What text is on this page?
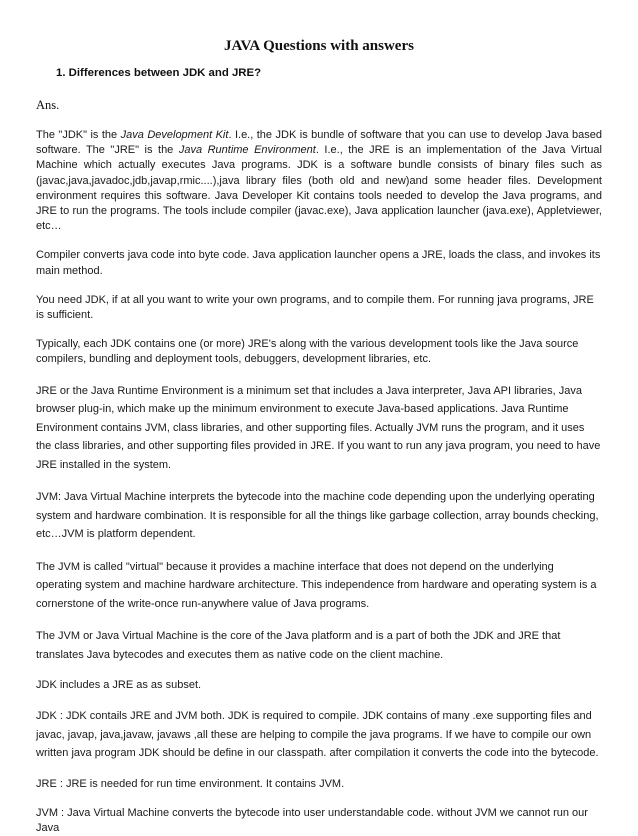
JAVA Questions with answers
1. Differences between JDK and JRE?
Ans.

The "JDK" is the Java Development Kit. I.e., the JDK is bundle of software that you can use to develop Java based software. The "JRE" is the Java Runtime Environment. I.e., the JRE is an implementation of the Java Virtual Machine which actually executes Java programs. JDK is a software bundle consists of binary files such as (javac,java,javadoc,jdb,javap,rmic....),java library files (both old and new)and some header files. Development environment requires this software. Java Developer Kit contains tools needed to develop the Java programs, and JRE to run the programs. The tools include compiler (javac.exe), Java application launcher (java.exe), Appletviewer, etc…

Compiler converts java code into byte code. Java application launcher opens a JRE, loads the class, and invokes its main method.

You need JDK, if at all you want to write your own programs, and to compile them. For running java programs, JRE is sufficient.

Typically, each JDK contains one (or more) JRE's along with the various development tools like the Java source compilers, bundling and deployment tools, debuggers, development libraries, etc.

JRE or the Java Runtime Environment is a minimum set that includes a Java interpreter, Java API libraries, Java browser plug-in, which make up the minimum environment to execute Java-based applications. Java Runtime Environment contains JVM, class libraries, and other supporting files. Actually JVM runs the program, and it uses the class libraries, and other supporting files provided in JRE. If you want to run any java program, you need to have JRE installed in the system.

JVM: Java Virtual Machine interprets the bytecode into the machine code depending upon the underlying operating system and hardware combination. It is responsible for all the things like garbage collection, array bounds checking, etc…JVM is platform dependent.

The JVM is called "virtual" because it provides a machine interface that does not depend on the underlying operating system and machine hardware architecture. This independence from hardware and operating system is a cornerstone of the write-once run-anywhere value of Java programs.

The JVM or Java Virtual Machine is the core of the Java platform and is a part of both the JDK and JRE that translates Java bytecodes and executes them as native code on the client machine.

JDK includes a JRE as as subset.

JDK : JDK contails JRE and JVM both. JDK is required to compile. JDK contains of many .exe supporting files and javac, javap, java,javaw, javaws ,all these are helping to compile the java programs. If we have to compile our own written java program JDK should be define in our classpath. after compilation it converts the code into the bytecode.

JRE : JRE is needed for run time environment. It contains JVM.

JVM : Java Virtual Machine converts the bytecode into user understandable code. without JVM we cannot run our Java
